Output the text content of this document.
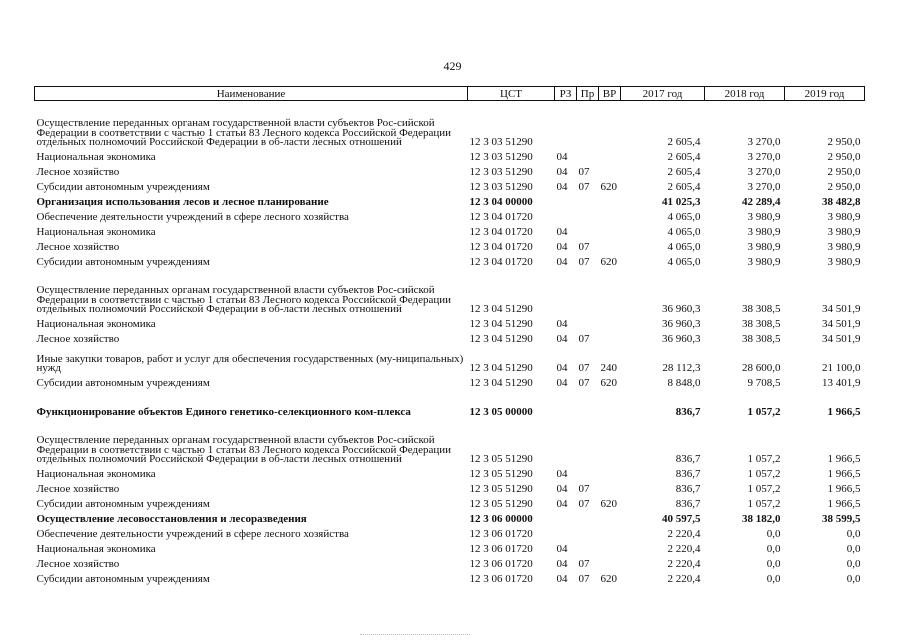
429
Наименование	ЦСТ	РЗ	Пр	ВР	2017 год	2018 год	2019 год
Осуществление переданных органам государственной власти субъектов Рос-сийской Федерации в соответствии с частью 1 статьи 83 Лесного кодекса Российской Федерации отдельных полномочий Российской Федерации в об-ласти лесных отношений	12 3 03 51290				2 605,4	3 270,0	2 950,0
Национальная экономика	12 3 03 51290	04			2 605,4	3 270,0	2 950,0
Лесное хозяйство	12 3 03 51290	04	07		2 605,4	3 270,0	2 950,0
Субсидии автономным учреждениям	12 3 03 51290	04	07	620	2 605,4	3 270,0	2 950,0
Организация использования лесов и лесное планирование	12 3 04 00000				41 025,3	42 289,4	38 482,8
Обеспечение деятельности учреждений в сфере лесного хозяйства	12 3 04 01720				4 065,0	3 980,9	3 980,9
Национальная экономика	12 3 04 01720	04			4 065,0	3 980,9	3 980,9
Лесное хозяйство	12 3 04 01720	04	07		4 065,0	3 980,9	3 980,9
Субсидии автономным учреждениям	12 3 04 01720	04	07	620	4 065,0	3 980,9	3 980,9
Осуществление переданных органам государственной власти субъектов Рос-сийской Федерации в соответствии с частью 1 статьи 83 Лесного кодекса Российской Федерации отдельных полномочий Российской Федерации в об-ласти лесных отношений	12 3 04 51290				36 960,3	38 308,5	34 501,9
Национальная экономика	12 3 04 51290	04			36 960,3	38 308,5	34 501,9
Лесное хозяйство	12 3 04 51290	04	07		36 960,3	38 308,5	34 501,9
Иные закупки товаров, работ и услуг для обеспечения государственных (му-ниципальных) нужд	12 3 04 51290	04	07	240	28 112,3	28 600,0	21 100,0
Субсидии автономным учреждениям	12 3 04 51290	04	07	620	8 848,0	9 708,5	13 401,9
Функционирование объектов Единого генетико-селекционного ком-плекса	12 3 05 00000				836,7	1 057,2	1 966,5
Осуществление переданных органам государственной власти субъектов Рос-сийской Федерации в соответствии с частью 1 статьи 83 Лесного кодекса Российской Федерации отдельных полномочий Российской Федерации в об-ласти лесных отношений	12 3 05 51290				836,7	1 057,2	1 966,5
Национальная экономика	12 3 05 51290	04			836,7	1 057,2	1 966,5
Лесное хозяйство	12 3 05 51290	04	07		836,7	1 057,2	1 966,5
Субсидии автономным учреждениям	12 3 05 51290	04	07	620	836,7	1 057,2	1 966,5
Осуществление лесовосстановления и лесоразведения	12 3 06 00000				40 597,5	38 182,0	38 599,5
Обеспечение деятельности учреждений в сфере лесного хозяйства	12 3 06 01720				2 220,4	0,0	0,0
Национальная экономика	12 3 06 01720	04			2 220,4	0,0	0,0
Лесное хозяйство	12 3 06 01720	04	07		2 220,4	0,0	0,0
Субсидии автономным учреждениям	12 3 06 01720	04	07	620	2 220,4	0,0	0,0
